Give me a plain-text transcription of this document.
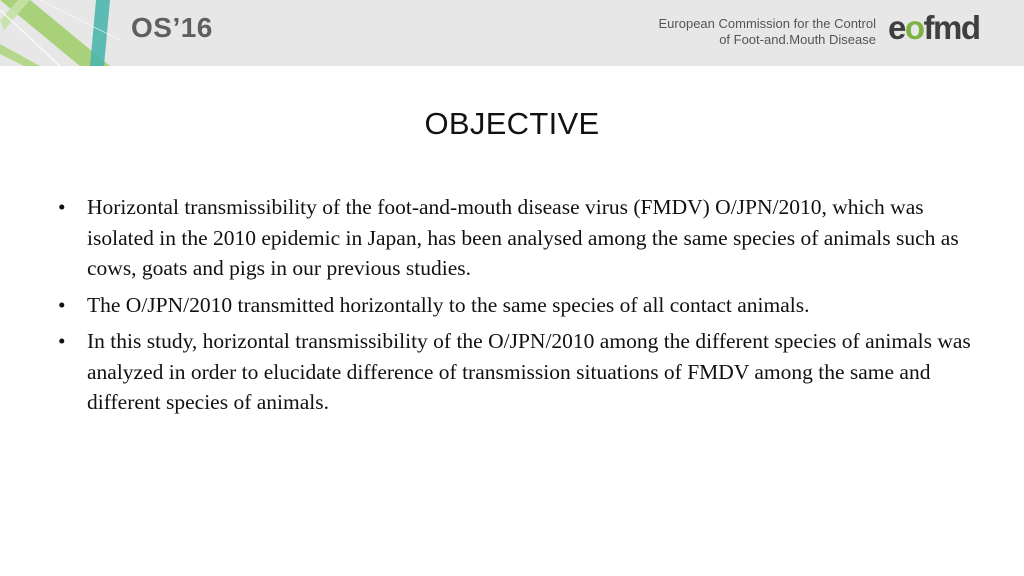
OS’16	European Commission for the Control
of Foot-and.Mouth Disease eofmd
OBJECTIVE
• Horizontal transmissibility of the foot-and-mouth disease virus (FMDV) O/JPN/2010, which was isolated in the 2010 epidemic in Japan, has been analysed among the same species of animals such as cows, goats and pigs in our previous studies.
• The O/JPN/2010 transmitted horizontally to the same species of all contact animals.
• In this study, horizontal transmissibility of the O/JPN/2010 among the different species of animals was analyzed in order to elucidate difference of transmission situations of FMDV among the same and different species of animals.
